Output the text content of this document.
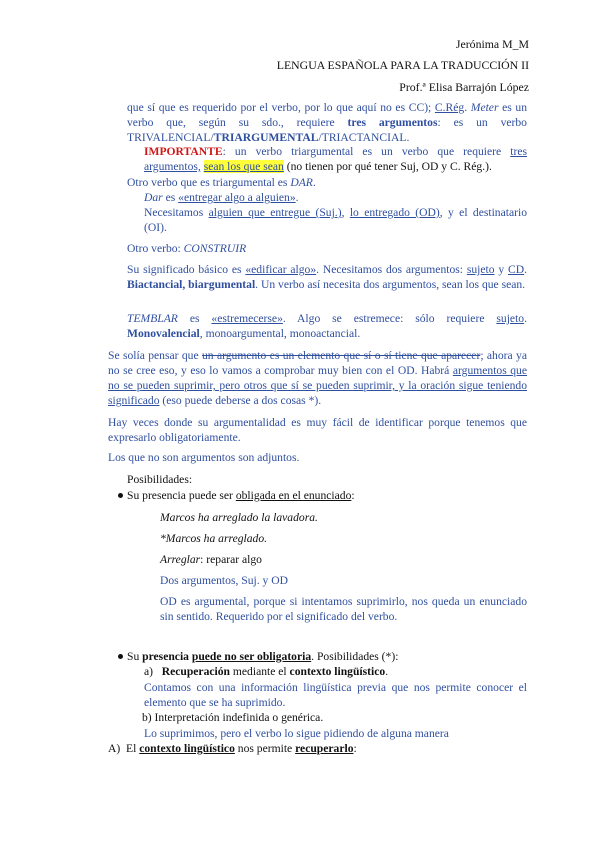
Jerónima M_M
LENGUA ESPAÑOLA PARA LA TRADUCCIÓN II
Prof.ª Elisa Barrajón López
que sí que es requerido por el verbo, por lo que aquí no es CC); C.Rég. Meter es un verbo que, según su sdo., requiere tres argumentos: es un verbo TRIVALENCIAL/TRIARGUMENTAL/TRIACTANCIAL.
IMPORTANTE: un verbo triargumental es un verbo que requiere tres argumentos, sean los que sean (no tienen por qué tener Suj, OD y C. Rég.).
Otro verbo que es triargumental es DAR.
Dar es «entregar algo a alguien».
Necesitamos alguien que entregue (Suj.), lo entregado (OD), y el destinatario (OI).
Otro verbo: CONSTRUIR
Su significado básico es «edificar algo». Necesitamos dos argumentos: sujeto y CD. Biactancial, biargumental. Un verbo así necesita dos argumentos, sean los que sean.
TEMBLAR es «estremecerse». Algo se estremece: sólo requiere sujeto. Monovalencial, monoargumental, monoactancial.
Se solía pensar que un argumento es un elemento que sí o sí tiene que aparecer; ahora ya no se cree eso, y eso lo vamos a comprobar muy bien con el OD. Habrá argumentos que no se pueden suprimir, pero otros que sí se pueden suprimir, y la oración sigue teniendo significado (eso puede deberse a dos cosas *).
Hay veces donde su argumentalidad es muy fácil de identificar porque tenemos que expresarlo obligatoriamente.
Los que no son argumentos son adjuntos.
Posibilidades:
Su presencia puede ser obligada en el enunciado:
Marcos ha arreglado la lavadora.
*Marcos ha arreglado.
Arreglar: reparar algo
Dos argumentos, Suj. y OD
OD es argumental, porque si intentamos suprimirlo, nos queda un enunciado sin sentido. Requerido por el significado del verbo.
Su presencia puede no ser obligatoria. Posibilidades (*):
a) Recuperación mediante el contexto lingüístico.
Contamos con una información lingüística previa que nos permite conocer el elemento que se ha suprimido.
b) Interpretación indefinida o genérica.
Lo suprimimos, pero el verbo lo sigue pidiendo de alguna manera
A) El contexto lingüístico nos permite recuperarlo:
